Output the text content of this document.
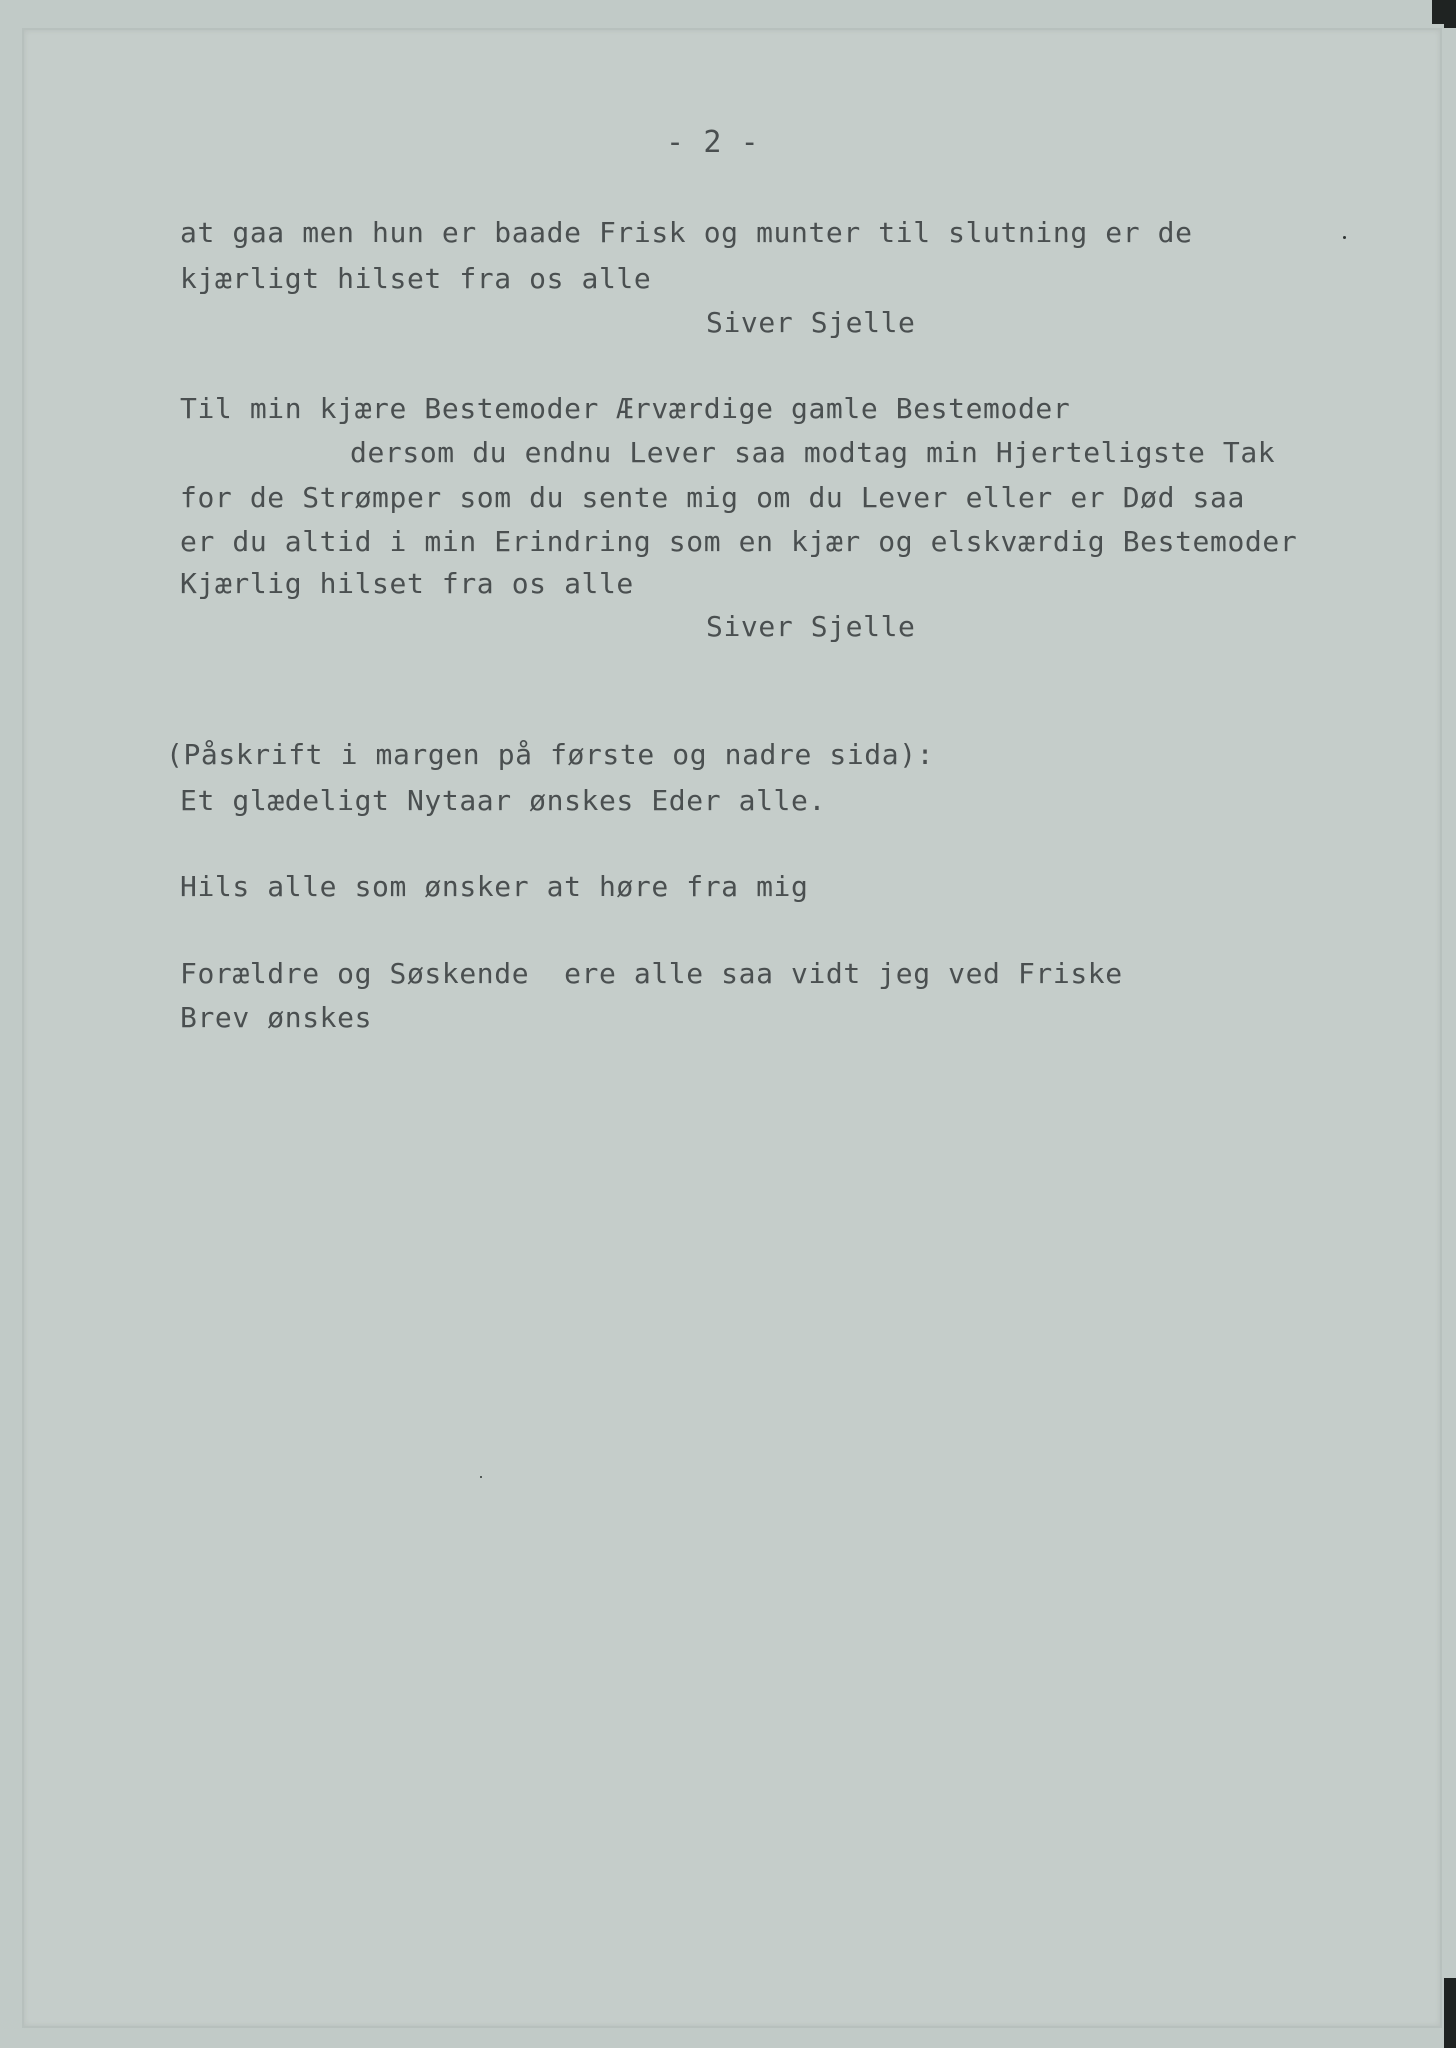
- 2 -

at gaa men hun er baade Frisk og munter til slutning er de

kjærligt hilset fra os alle

Siver Sjelle

Til min kjære Bestemoder Ærværdige gamle Bestemoder

dersom du endnu Lever saa modtag min Hjerteligste Tak

for de Strømper som du sente mig om du Lever eller er Død saa

er du altid i min Erindring som en kjær og elskværdig Bestemoder

Kjærlig hilset fra os alle

Siver Sjelle

(Påskrift i margen på første og nadre sida):

Et glædeligt Nytaar ønskes Eder alle.

Hils alle som ønsker at høre fra mig

Forældre og Søskende  ere alle saa vidt jeg ved Friske

Brev ønskes
